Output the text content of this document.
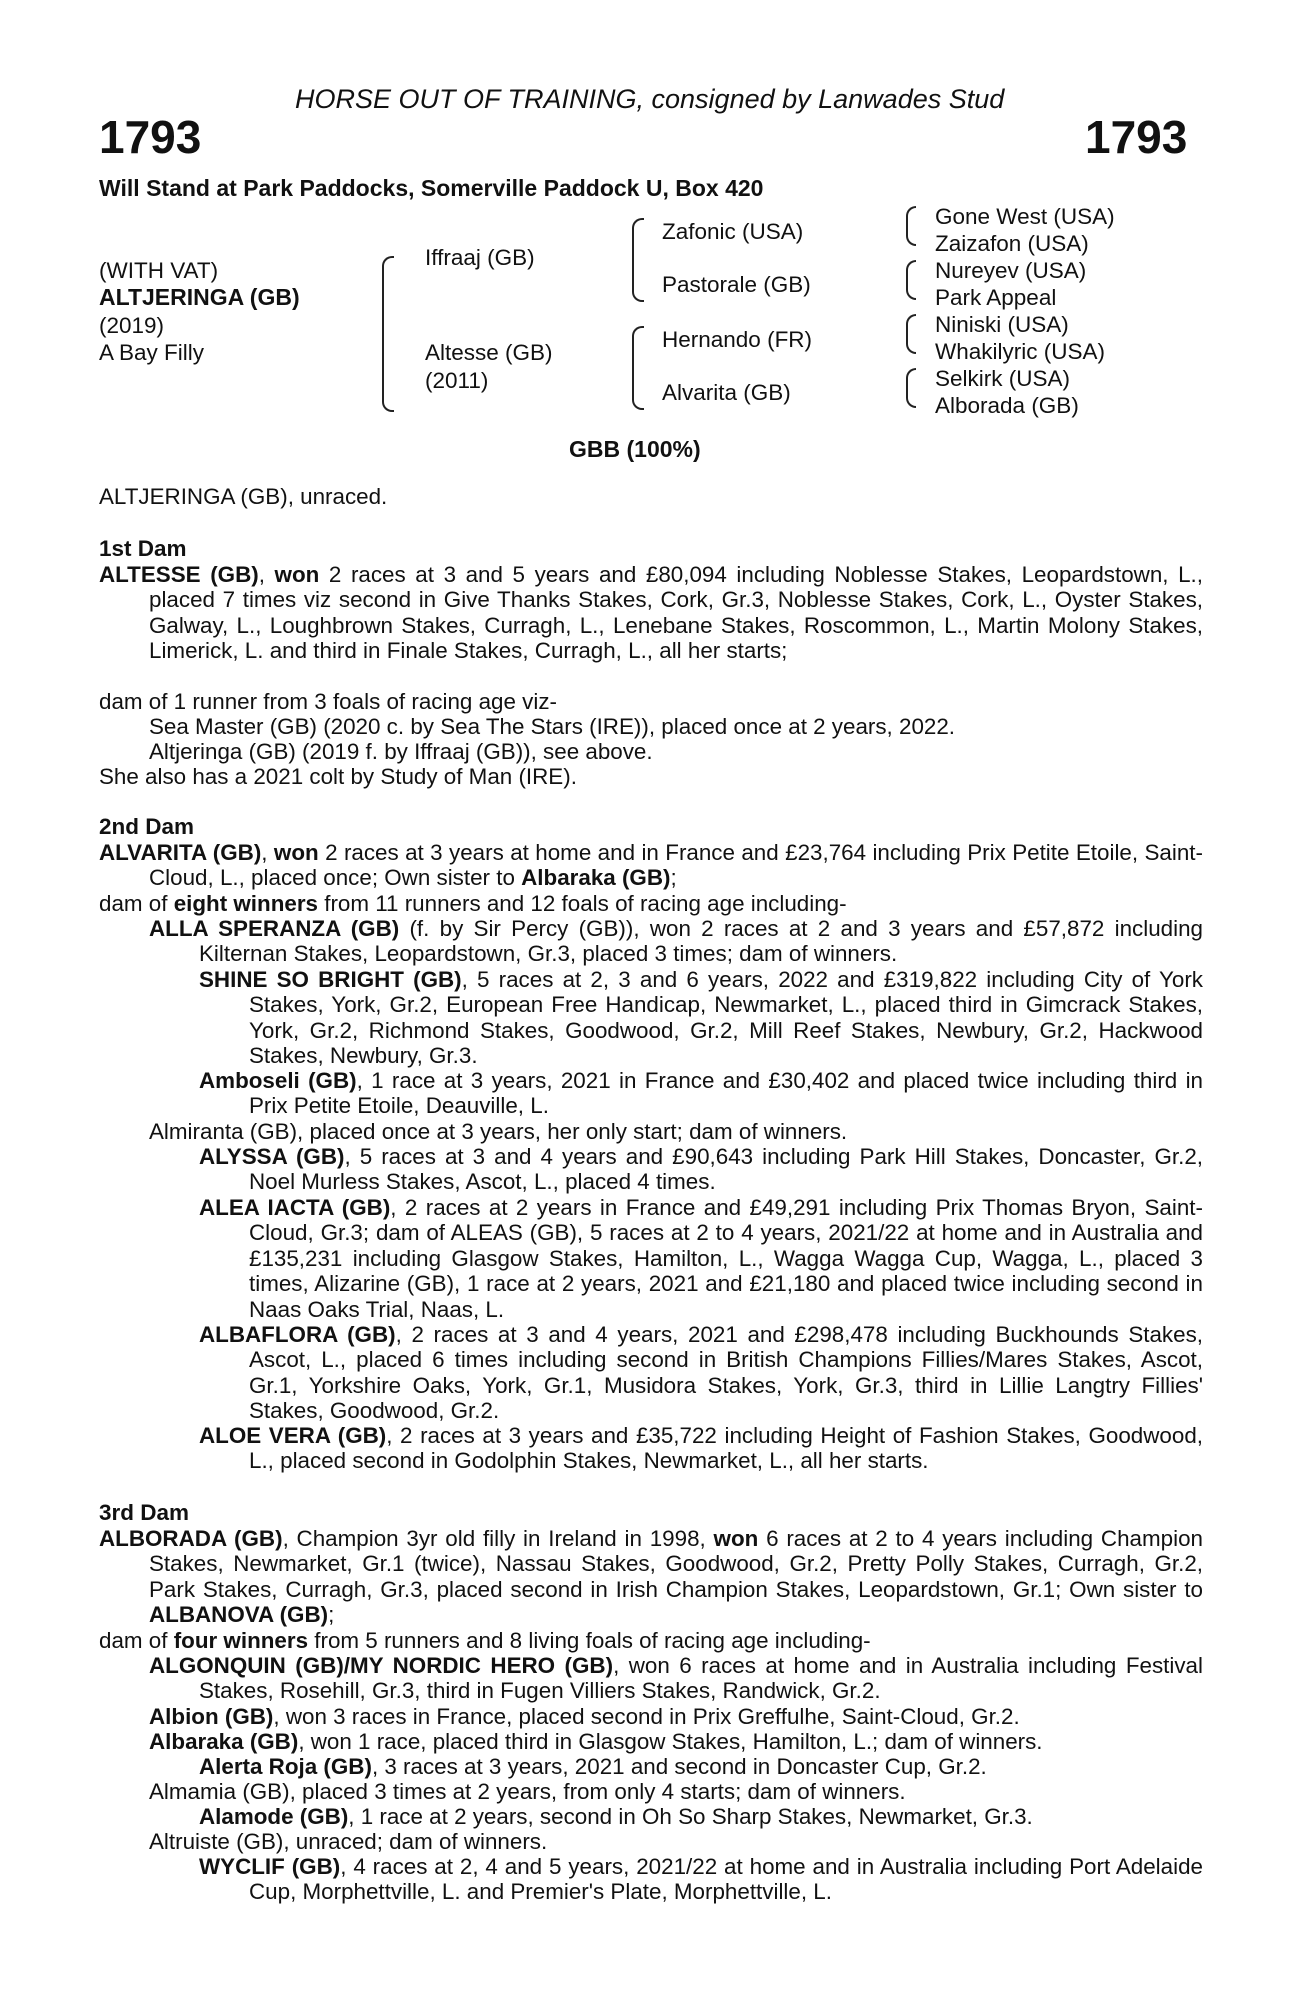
HORSE OUT OF TRAINING, consigned by Lanwades Stud
1793	1793
Will Stand at Park Paddocks, Somerville Paddock U, Box 420
(WITH VAT)
ALTJERINGA (GB)
(2019)
A Bay Filly
Iffraaj (GB)
Altesse (GB)
(2011)
Zafonic (USA)
Pastorale (GB)
Hernando (FR)
Alvarita (GB)
Gone West (USA)
Zaizafon (USA)
Nureyev (USA)
Park Appeal
Niniski (USA)
Whakilyric (USA)
Selkirk (USA)
Alborada (GB)
GBB (100%)
ALTJERINGA (GB), unraced.
1st Dam
ALTESSE (GB), won 2 races at 3 and 5 years and £80,094 including Noblesse Stakes, Leopardstown, L., placed 7 times viz second in Give Thanks Stakes, Cork, Gr.3, Noblesse Stakes, Cork, L., Oyster Stakes, Galway, L., Loughbrown Stakes, Curragh, L., Lenebane Stakes, Roscommon, L., Martin Molony Stakes, Limerick, L. and third in Finale Stakes, Curragh, L., all her starts;
dam of 1 runner from 3 foals of racing age viz-
Sea Master (GB) (2020 c. by Sea The Stars (IRE)), placed once at 2 years, 2022.
Altjeringa (GB) (2019 f. by Iffraaj (GB)), see above.
She also has a 2021 colt by Study of Man (IRE).
2nd Dam
ALVARITA (GB), won 2 races at 3 years at home and in France and £23,764 including Prix Petite Etoile, Saint-Cloud, L., placed once; Own sister to Albaraka (GB);
dam of eight winners from 11 runners and 12 foals of racing age including-
ALLA SPERANZA (GB) (f. by Sir Percy (GB)), won 2 races at 2 and 3 years and £57,872 including Kilternan Stakes, Leopardstown, Gr.3, placed 3 times; dam of winners.
SHINE SO BRIGHT (GB), 5 races at 2, 3 and 6 years, 2022 and £319,822 including City of York Stakes, York, Gr.2, European Free Handicap, Newmarket, L., placed third in Gimcrack Stakes, York, Gr.2, Richmond Stakes, Goodwood, Gr.2, Mill Reef Stakes, Newbury, Gr.2, Hackwood Stakes, Newbury, Gr.3.
Amboseli (GB), 1 race at 3 years, 2021 in France and £30,402 and placed twice including third in Prix Petite Etoile, Deauville, L.
Almiranta (GB), placed once at 3 years, her only start; dam of winners.
ALYSSA (GB), 5 races at 3 and 4 years and £90,643 including Park Hill Stakes, Doncaster, Gr.2, Noel Murless Stakes, Ascot, L., placed 4 times.
ALEA IACTA (GB), 2 races at 2 years in France and £49,291 including Prix Thomas Bryon, Saint-Cloud, Gr.3; dam of ALEAS (GB), 5 races at 2 to 4 years, 2021/22 at home and in Australia and £135,231 including Glasgow Stakes, Hamilton, L., Wagga Wagga Cup, Wagga, L., placed 3 times, Alizarine (GB), 1 race at 2 years, 2021 and £21,180 and placed twice including second in Naas Oaks Trial, Naas, L.
ALBAFLORA (GB), 2 races at 3 and 4 years, 2021 and £298,478 including Buckhounds Stakes, Ascot, L., placed 6 times including second in British Champions Fillies/Mares Stakes, Ascot, Gr.1, Yorkshire Oaks, York, Gr.1, Musidora Stakes, York, Gr.3, third in Lillie Langtry Fillies' Stakes, Goodwood, Gr.2.
ALOE VERA (GB), 2 races at 3 years and £35,722 including Height of Fashion Stakes, Goodwood, L., placed second in Godolphin Stakes, Newmarket, L., all her starts.
3rd Dam
ALBORADA (GB), Champion 3yr old filly in Ireland in 1998, won 6 races at 2 to 4 years including Champion Stakes, Newmarket, Gr.1 (twice), Nassau Stakes, Goodwood, Gr.2, Pretty Polly Stakes, Curragh, Gr.2, Park Stakes, Curragh, Gr.3, placed second in Irish Champion Stakes, Leopardstown, Gr.1; Own sister to ALBANOVA (GB);
dam of four winners from 5 runners and 8 living foals of racing age including-
ALGONQUIN (GB)/MY NORDIC HERO (GB), won 6 races at home and in Australia including Festival Stakes, Rosehill, Gr.3, third in Fugen Villiers Stakes, Randwick, Gr.2.
Albion (GB), won 3 races in France, placed second in Prix Greffulhe, Saint-Cloud, Gr.2.
Albaraka (GB), won 1 race, placed third in Glasgow Stakes, Hamilton, L.; dam of winners.
Alerta Roja (GB), 3 races at 3 years, 2021 and second in Doncaster Cup, Gr.2.
Almamia (GB), placed 3 times at 2 years, from only 4 starts; dam of winners.
Alamode (GB), 1 race at 2 years, second in Oh So Sharp Stakes, Newmarket, Gr.3.
Altruiste (GB), unraced; dam of winners.
WYCLIF (GB), 4 races at 2, 4 and 5 years, 2021/22 at home and in Australia including Port Adelaide Cup, Morphettville, L. and Premier's Plate, Morphettville, L.
